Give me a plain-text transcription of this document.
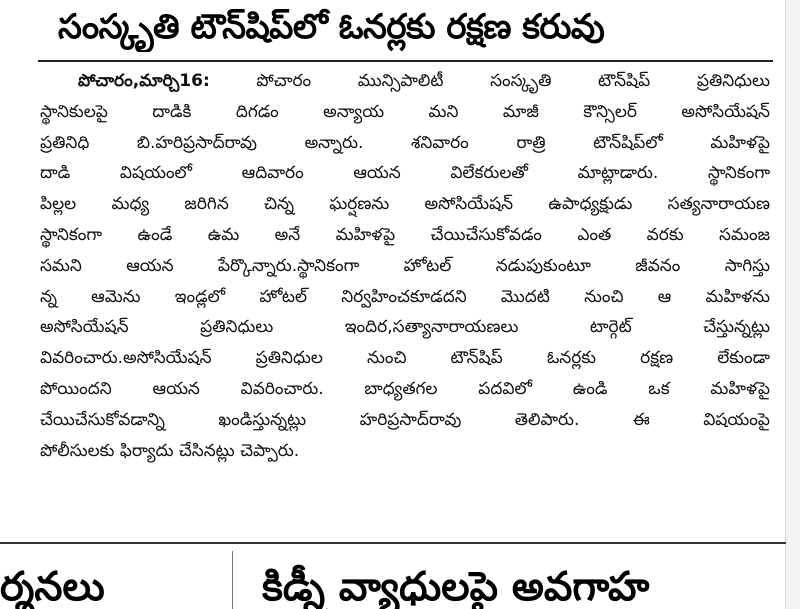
సంస్కృతి టౌన్‌షిప్‌లో ఓనర్లకు రక్షణ కరువు
పోచారం,మార్చి16: పోచారం మున్సిపాలిటీ సంస్కృతి టౌన్‌షిప్ ప్రతినిధులు
స్థానికులపై దాడికి దిగడం అన్యాయ మని మాజీ కౌన్సిలర్ అసోసియేషన్
ప్రతినిధి బి.హరిప్రసాద్‌రావు అన్నారు. శనివారం రాత్రి టౌన్‌షిప్‌లో మహిళపై
దాడి విషయంలో ఆదివారం ఆయన విలేకరులతో మాట్లాడారు. స్థానికంగా
పిల్లల మధ్య జరిగిన చిన్న ఘర్షణను అసోసియేషన్ ఉపాధ్యక్షుడు సత్యనారాయణ
స్థానికంగా ఉండే ఉమ అనే మహిళపై చేయిచేసుకోవడం ఎంత వరకు సమంజ
సమని ఆయన పేర్కొన్నారు.స్థానికంగా హోటల్ నడుపుకుంటూ జీవనం సాగిస్తు
న్న ఆమెను ఇండ్లలో హోటల్ నిర్వహించకూడదని మొదటి నుంచి ఆ మహిళను
అసోసియేషన్ ప్రతినిధులు ఇందిర,సత్యానారాయణలు టార్గెట్ చేస్తున్నట్లు
వివరించారు.అసోసియేషన్ ప్రతినిధుల నుంచి టౌన్‌షిప్ ఓనర్లకు రక్షణ లేకుండా
పోయిందని ఆయన వివరించారు. బాధ్యతగల పదవిలో ఉండి ఒక మహిళపై
చేయిచేసుకోవడాన్ని ఖండిస్తున్నట్లు హరిప్రసాద్‌రావు తెలిపారు. ఈ విషయంపై
పోలీసులకు ఫిర్యాదు చేసినట్లు చెప్పారు.
ర్శనలు	కిడ్నీ వ్యాధులపై అవగాహ
